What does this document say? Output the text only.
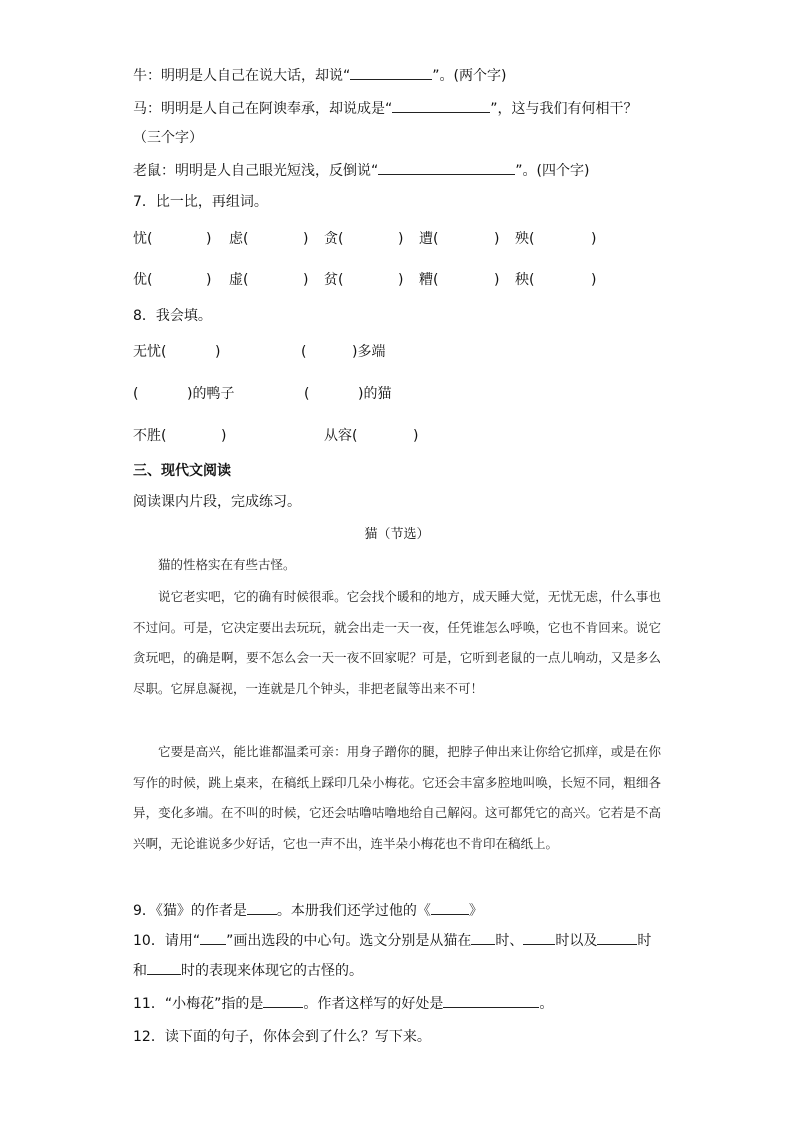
牛：明明是人自己在说大话，却说“	”。(两个字)
马：明明是人自己在阿谀奉承，却说成是“	”，这与我们有何相干？
（三个字）
老鼠：明明是人自己眼光短浅，反倒说“	”。(四个字)
7．比一比，再组词。
忧(	) 虑(	) 贪(	) 遭(	) 殃(	)
优(	) 虚(	) 贫(	) 糟(	) 秧(	)
8．我会填。
无忧(	)	(	)多端
(	)的鸭子	(	)的猫
不胜(	)	从容(	)
三、现代文阅读
阅读课内片段，完成练习。
猫（节选）
猫的性格实在有些古怪。
说它老实吧，它的确有时候很乖。它会找个暖和的地方，成天睡大觉，无忧无虑，什么事也不过问。可是，它决定要出去玩玩，就会出走一天一夜，任凭谁怎么呼唤，它也不肯回来。说它贪玩吧，的确是啊，要不怎么会一天一夜不回家呢？可是，它听到老鼠的一点儿响动，又是多么尽职。它屏息凝视，一连就是几个钟头，非把老鼠等出来不可！
它要是高兴，能比谁都温柔可亲：用身子蹭你的腿，把脖子伸出来让你给它抓痒，或是在你写作的时候，跳上桌来，在稿纸上踩印几朵小梅花。它还会丰富多腔地叫唤，长短不同，粗细各异，变化多端。在不叫的时候，它还会咕噜咕噜地给自己解闷。这可都凭它的高兴。它若是不高兴啊，无论谁说多少好话，它也一声不出，连半朵小梅花也不肯印在稿纸上。
9．《猫》的作者是 。本册我们还学过他的《	》
10．请用“ ”画出选段的中心句。选文分别是从猫在 时、 时以及	时
和 时的表现来体现它的古怪的。
11．“小梅花”指的是	。作者这样写的好处是	。
12．读下面的句子，你体会到了什么？写下来。
